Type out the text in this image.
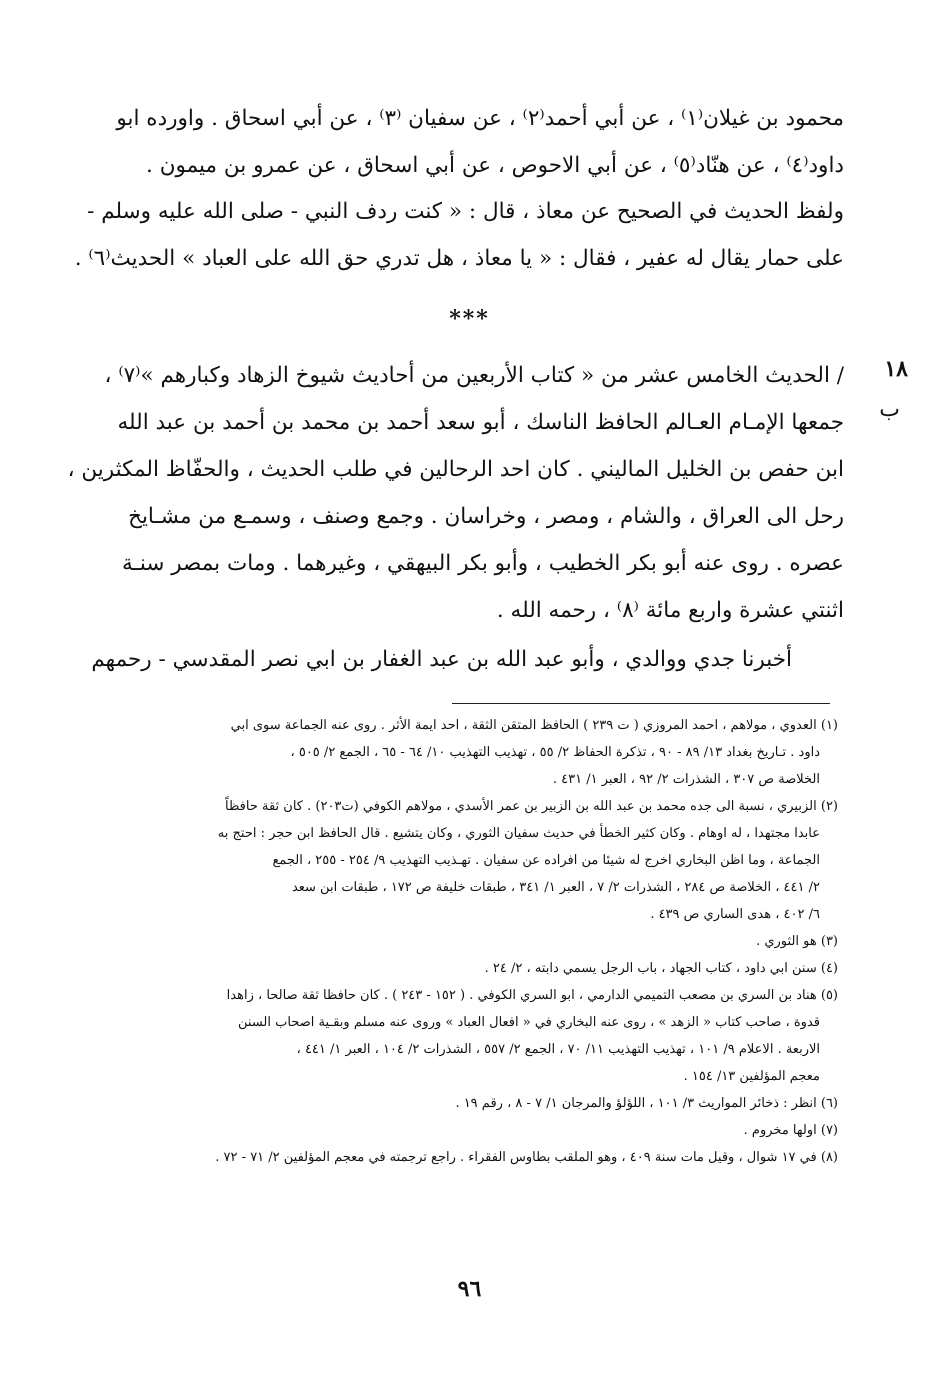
محمود بن غيلان⁽١⁾ ، عن أبي أحمد⁽٢⁾ ، عن سفيان ⁽٣⁾ ، عن أبي اسحاق . واورده ابو
داود⁽٤⁾ ، عن هنّاد⁽٥⁾ ، عن أبي الاحوص ، عن أبي اسحاق ، عن عمرو بن ميمون .
ولفظ الحديث في الصحيح عن معاذ ، قال : « كنت ردف النبي - صلى الله عليه وسلم -
على حمار يقال له عفير ، فقال : « يا معاذ ، هل تدري حق الله على العباد » الحديث⁽٦⁾ .
***
١٨ ب
/ الحديث الخامس عشر من « كتاب الأربعين من أحاديث شيوخ الزهاد وكبارهم »⁽٧⁾ ،
جمعها الإمـام العـالم الحافظ الناسك ، أبو سعد أحمد بن محمد بن أحمد بن عبد الله
ابن حفص بن الخليل الماليني . كان احد الرحالين في طلب الحديث ، والحفّاظ المكثرين ،
رحل الى العراق ، والشام ، ومصر ، وخراسان . وجمع وصنف ، وسمـع من مشـايخ
عصره . روى عنه أبو بكر الخطيب ، وأبو بكر البيهقي ، وغيرهما . ومات بمصر سنـة
اثنتي عشرة واربع مائة ⁽٨⁾ ، رحمه الله .
أخبرنا جدي ووالدي ، وأبو عبد الله بن عبد الغفار بن ابي نصر المقدسي - رحمهم
(١) العدوي ، مولاهم ، احمد المروزي ( ت ٢٣٩ ) الحافظ المتقن الثقة ، احد ايمة الأثر . روى عنه الجماعة سوى ابي
داود . تـاريخ بغداد ١٣/ ٨٩ - ٩٠ ، تذكرة الحفاظ ٢/ ٥٥ ، تهذيب التهذيب ١٠/ ٦٤ - ٦٥ ، الجمع ٢/ ٥٠٥ ،
الخلاصة ص ٣٠٧ ، الشذرات ٢/ ٩٢ ، العبر ١/ ٤٣١ .
(٢) الزبيري ، نسبة الى جده محمد بن عبد الله بن الزبير بن عمر الأسدي ، مولاهم الكوفي (ت٢٠٣) . كان ثقة حافظاً
عابدا مجتهدا ، له اوهام . وكان كثير الخطأ في حديث سفيان الثوري ، وكان يتشيع . قال الحافظ ابن حجر : احتج به
الجماعة ، وما اظن البخاري اخرج له شيئا من افراده عن سفيان . تهـذيب التهذيب ٩/ ٢٥٤ - ٢٥٥ ، الجمع
٢/ ٤٤١ ، الخلاصة ص ٢٨٤ ، الشذرات ٢/ ٧ ، العبر ١/ ٣٤١ ، طبقات خليفة ص ١٧٢ ، طبقات ابن سعد
٦/ ٤٠٢ ، هدى الساري ص ٤٣٩ .
(٣) هو الثوري .
(٤) سنن ابي داود ، كتاب الجهاد ، باب الرجل يسمي دابته ، ٢/ ٢٤ .
(٥) هناد بن السري بن مصعب التميمي الدارمي ، ابو السري الكوفي . ( ١٥٢ - ٢٤٣ ) . كان حافظا ثقة صالحا ، زاهدا
قدوة ، صاحب كتاب « الزهد » ، روى عنه البخاري في « افعال العباد » وروى عنه مسلم وبقـية اصحاب السنن
الاربعة . الاعلام ٩/ ١٠١ ، تهذيب التهذيب ١١/ ٧٠ ، الجمع ٢/ ٥٥٧ ، الشذرات ٢/ ١٠٤ ، العبر ١/ ٤٤١ ،
معجم المؤلفين ١٣/ ١٥٤ .
(٦) انظر : ذخائر المواريث ٣/ ١٠١ ، اللؤلؤ والمرجان ١/ ٧ - ٨ ، رقم ١٩ .
(٧) اولها مخروم .
(٨) في ١٧ شوال ، وقيل مات سنة ٤٠٩ ، وهو الملقب بطاوس الفقراء . راجع ترجمته في معجم المؤلفين ٢/ ٧١ - ٧٢ .
٩٦
